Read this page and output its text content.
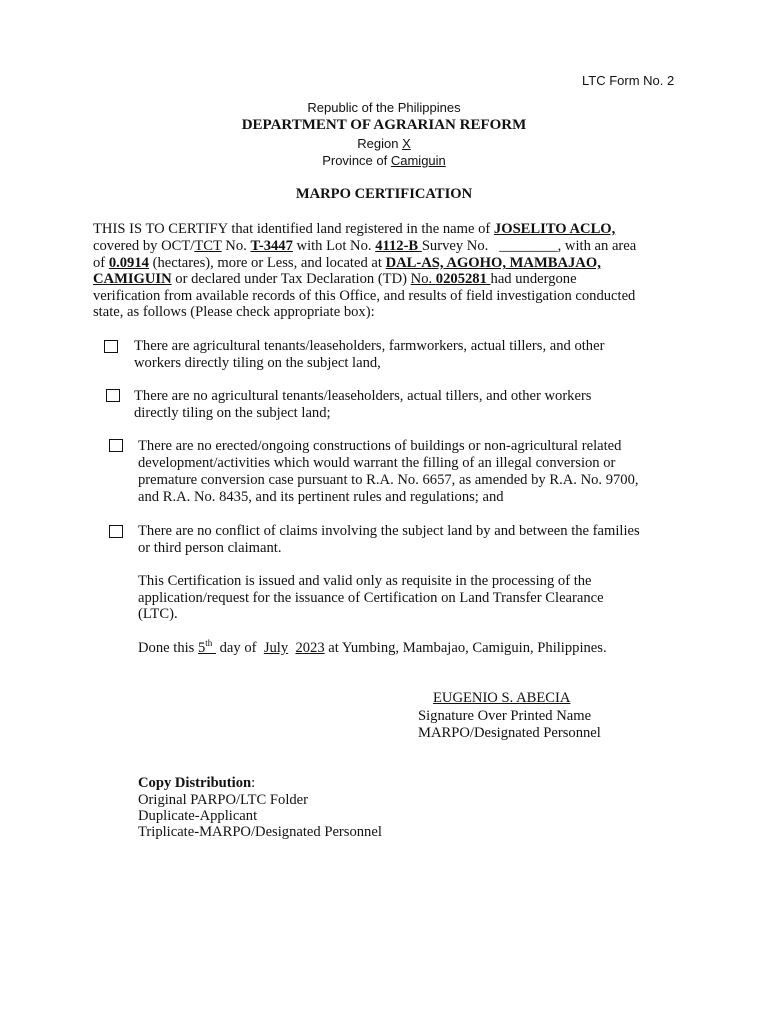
LTC Form No. 2
Republic of the Philippines
DEPARTMENT OF AGRARIAN REFORM
Region X
Province of Camiguin
MARPO CERTIFICATION
THIS IS TO CERTIFY that identified land registered in the name of JOSELITO ACLO,
covered by OCT/TCT No. T-3447 with Lot No. 4112-B Survey No.   ________, with an area
of 0.0914 (hectares), more or Less, and located at DAL-AS, AGOHO, MAMBAJAO,
CAMIGUIN or declared under Tax Declaration (TD) No. 0205281 had undergone
verification from available records of this Office, and results of field investigation conducted
state, as follows (Please check appropriate box):
There are agricultural tenants/leaseholders, farmworkers, actual tillers, and other
workers directly tiling on the subject land,
There are no agricultural tenants/leaseholders, actual tillers, and other workers
directly tiling on the subject land;
There are no erected/ongoing constructions of buildings or non-agricultural related
development/activities which would warrant the filling of an illegal conversion or
premature conversion case pursuant to R.A. No. 6657, as amended by R.A. No. 9700,
and R.A. No. 8435, and its pertinent rules and regulations; and
There are no conflict of claims involving the subject land by and between the families
or third person claimant.
This Certification is issued and valid only as requisite in the processing of the
application/request for the issuance of Certification on Land Transfer Clearance
(LTC).
Done this 5th  day of  July 2023 at Yumbing, Mambajao, Camiguin, Philippines.
EUGENIO S. ABECIA
Signature Over Printed Name
MARPO/Designated Personnel
Copy Distribution:
Original PARPO/LTC Folder
Duplicate-Applicant
Triplicate-MARPO/Designated Personnel
